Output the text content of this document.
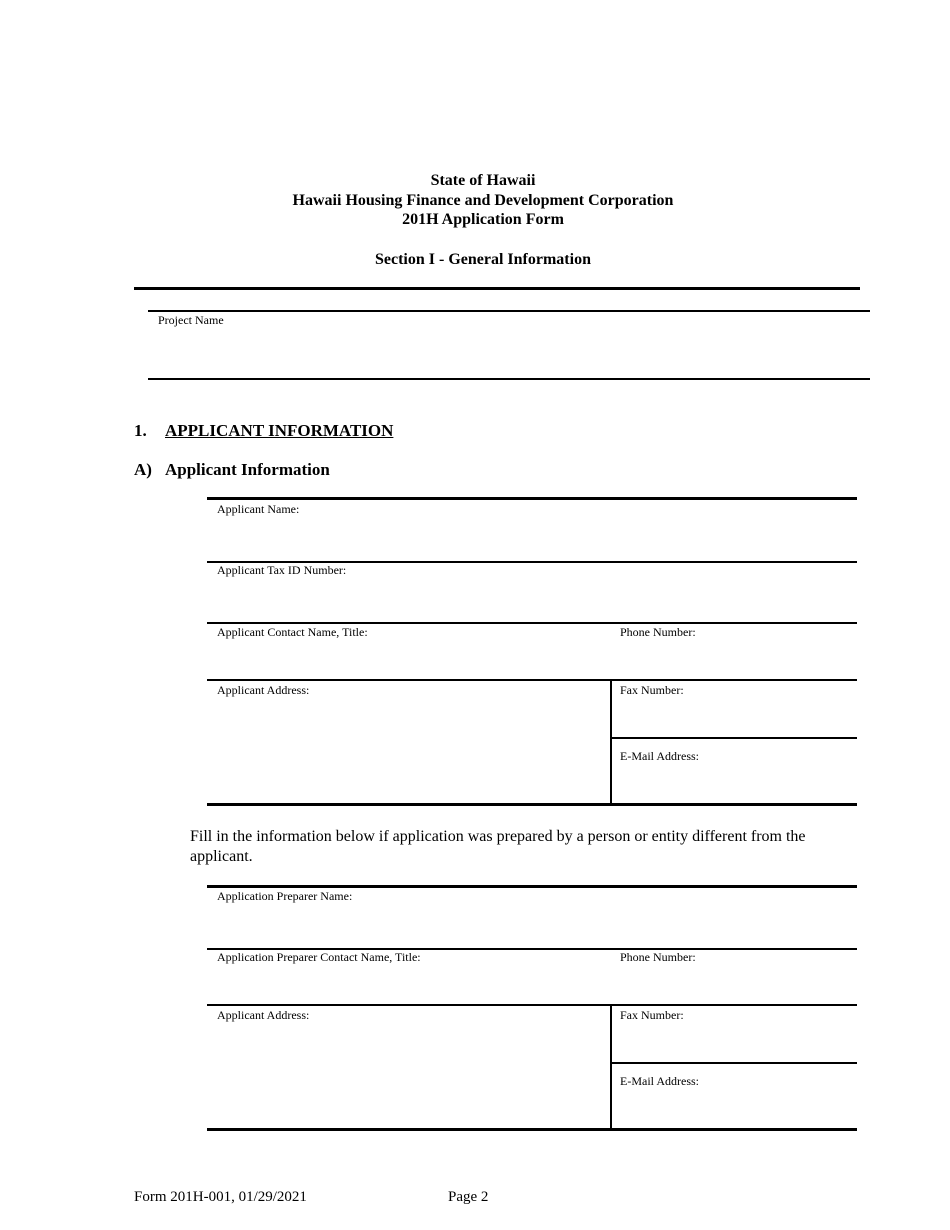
State of Hawaii
Hawaii Housing Finance and Development Corporation
201H Application Form
Section I - General Information
Project Name
1. APPLICANT INFORMATION
A) Applicant Information
Applicant Name:
Applicant Tax ID Number:
Applicant Contact Name, Title:	Phone Number:
Applicant Address:	Fax Number:
E-Mail Address:
Fill in the information below if application was prepared by a person or entity different from the applicant.
Application Preparer Name:
Application Preparer Contact Name, Title:	Phone Number:
Applicant Address:	Fax Number:
E-Mail Address:
Form 201H-001, 01/29/2021	Page 2
